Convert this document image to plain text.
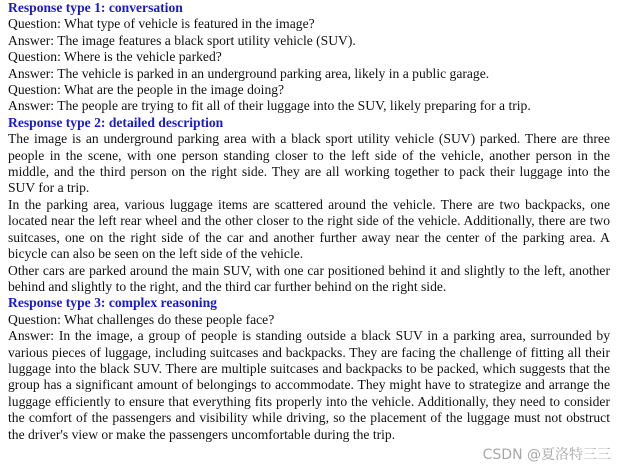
Response type 1: conversation

Question: What type of vehicle is featured in the image?

Answer: The image features a black sport utility vehicle (SUV).

Question: Where is the vehicle parked?

Answer: The vehicle is parked in an underground parking area, likely in a public garage.

Question: What are the people in the image doing?

Answer: The people are trying to fit all of their luggage into the SUV, likely preparing for a trip.

Response type 2: detailed description

The image is an underground parking area with a black sport utility vehicle (SUV) parked. There are three people in the scene, with one person standing closer to the left side of the vehicle, another person in the middle, and the third person on the right side. They are all working together to pack their luggage into the SUV for a trip.

In the parking area, various luggage items are scattered around the vehicle. There are two backpacks, one located near the left rear wheel and the other closer to the right side of the vehicle. Additionally, there are two suitcases, one on the right side of the car and another further away near the center of the parking area. A bicycle can also be seen on the left side of the vehicle.

Other cars are parked around the main SUV, with one car positioned behind it and slightly to the left, another behind and slightly to the right, and the third car further behind on the right side.

Response type 3: complex reasoning

Question: What challenges do these people face?

Answer: In the image, a group of people is standing outside a black SUV in a parking area, surrounded by various pieces of luggage, including suitcases and backpacks. They are facing the challenge of fitting all their luggage into the black SUV. There are multiple suitcases and backpacks to be packed, which suggests that the group has a significant amount of belongings to accommodate. They might have to strategize and arrange the luggage efficiently to ensure that everything fits properly into the vehicle. Additionally, they need to consider the comfort of the passengers and visibility while driving, so the placement of the luggage must not obstruct the driver's view or make the passengers uncomfortable during the trip.

CSDN @夏洛特三三
